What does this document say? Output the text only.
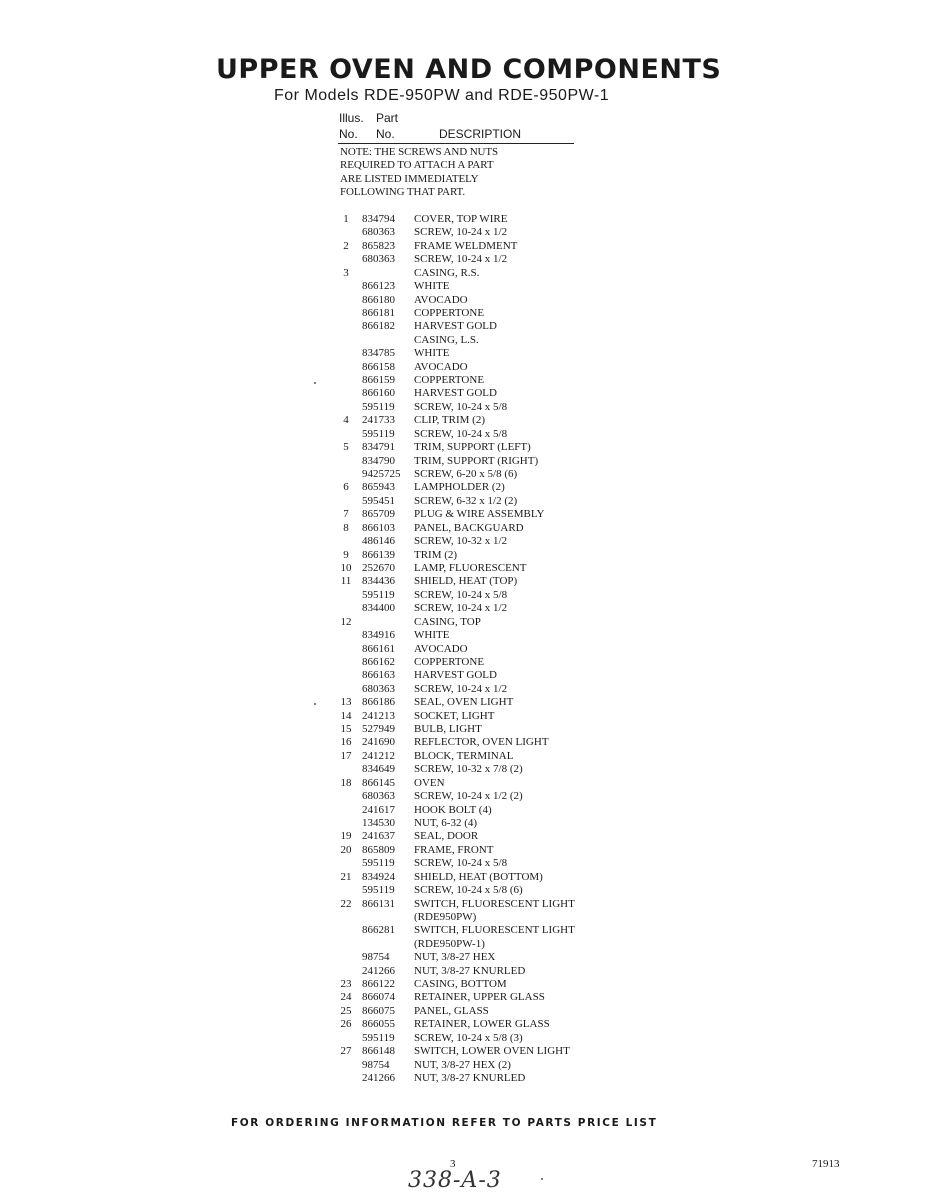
UPPER OVEN AND COMPONENTS
For Models RDE-950PW and RDE-950PW-1
Illus. Part
No. No.	DESCRIPTION
NOTE: THE SCREWS AND NUTS
REQUIRED TO ATTACH A PART
ARE LISTED IMMEDIATELY
FOLLOWING THAT PART.
1	834794 COVER, TOP WIRE
680363 SCREW, 10-24 x 1/2
2	865823 FRAME WELDMENT
680363 SCREW, 10-24 x 1/2
3	CASING, R.S.
866123 WHITE
866180 AVOCADO
866181 COPPERTONE
866182 HARVEST GOLD
CASING, L.S.
834785 WHITE
866158 AVOCADO
866159 COPPERTONE
866160 HARVEST GOLD
595119 SCREW, 10-24 x 5/8
4	241733 CLIP, TRIM (2)
595119 SCREW, 10-24 x 5/8
5	834791 TRIM, SUPPORT (LEFT)
834790 TRIM, SUPPORT (RIGHT)
9425725 SCREW, 6-20 x 5/8 (6)
6	865943 LAMPHOLDER (2)
595451 SCREW, 6-32 x 1/2 (2)
7	865709 PLUG & WIRE ASSEMBLY
8	866103 PANEL, BACKGUARD
486146 SCREW, 10-32 x 1/2
9	866139 TRIM (2)
10 252670 LAMP, FLUORESCENT
11 834436 SHIELD, HEAT (TOP)
595119 SCREW, 10-24 x 5/8
834400 SCREW, 10-24 x 1/2
12	CASING, TOP
834916 WHITE
866161 AVOCADO
866162 COPPERTONE
866163 HARVEST GOLD
680363 SCREW, 10-24 x 1/2
13 866186 SEAL, OVEN LIGHT
14 241213 SOCKET, LIGHT
15 527949 BULB, LIGHT
16 241690 REFLECTOR, OVEN LIGHT
17 241212 BLOCK, TERMINAL
834649 SCREW, 10-32 x 7/8 (2)
18 866145 OVEN
680363 SCREW, 10-24 x 1/2 (2)
241617 HOOK BOLT (4)
134530 NUT, 6-32 (4)
19 241637 SEAL, DOOR
20 865809 FRAME, FRONT
595119 SCREW, 10-24 x 5/8
21 834924 SHIELD, HEAT (BOTTOM)
595119 SCREW, 10-24 x 5/8 (6)
22 866131 SWITCH, FLUORESCENT LIGHT
(RDE950PW)
866281 SWITCH, FLUORESCENT LIGHT
(RDE950PW-1)
98754 NUT, 3/8-27 HEX
241266 NUT, 3/8-27 KNURLED
23 866122 CASING, BOTTOM
24 866074 RETAINER, UPPER GLASS
25 866075 PANEL, GLASS
26 866055 RETAINER, LOWER GLASS
595119 SCREW, 10-24 x 5/8 (3)
27 866148 SWITCH, LOWER OVEN LIGHT
98754 NUT, 3/8-27 HEX (2)
241266 NUT, 3/8-27 KNURLED
FOR ORDERING INFORMATION REFER TO PARTS PRICE LIST
3	71913
338-A-3
